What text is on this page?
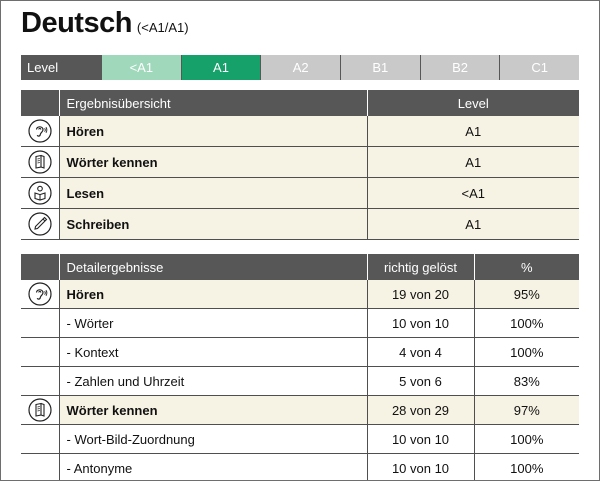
Deutsch (<A1/A1)
Level	<A1	A1	A2	B1	B2	C1
	Ergebnisübersicht	Level
	Hören	A1
	Wörter kennen	A1
	Lesen	<A1
	Schreiben	A1
	Detailergebnisse	richtig gelöst	%
	Hören	19 von 20	95%
	- Wörter	10 von 10	100%
	- Kontext	4 von 4	100%
	- Zahlen und Uhrzeit	5 von 6	83%
	Wörter kennen	28 von 29	97%
	- Wort-Bild-Zuordnung	10 von 10	100%
	- Antonyme	10 von 10	100%
